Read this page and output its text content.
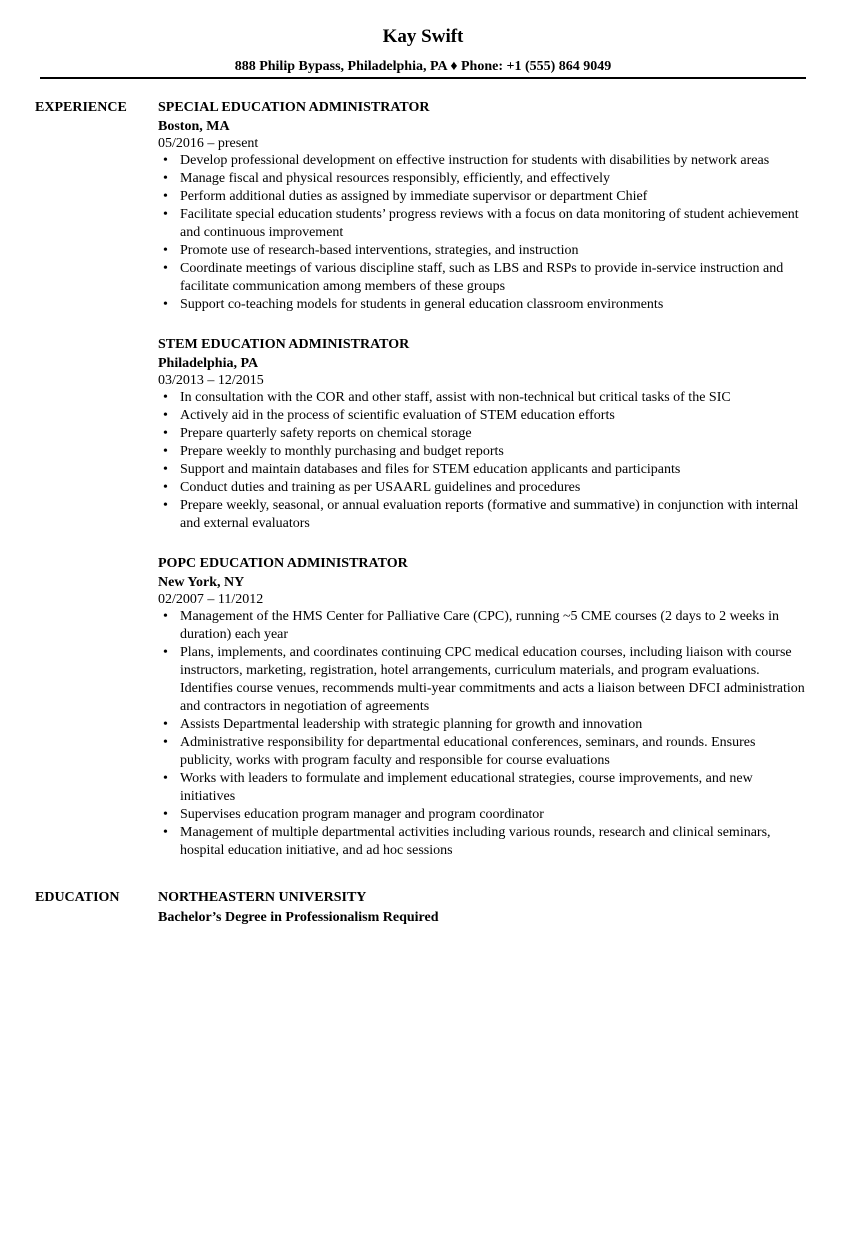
Kay Swift
888 Philip Bypass, Philadelphia, PA ♦ Phone: +1 (555) 864 9049
EXPERIENCE	SPECIAL EDUCATION ADMINISTRATOR
Boston, MA
05/2016 – present
• Develop professional development on effective instruction for students with disabilities by network areas
• Manage fiscal and physical resources responsibly, efficiently, and effectively
• Perform additional duties as assigned by immediate supervisor or department Chief
• Facilitate special education students’ progress reviews with a focus on data monitoring of student achievement and continuous improvement
• Promote use of research-based interventions, strategies, and instruction
• Coordinate meetings of various discipline staff, such as LBS and RSPs to provide in-service instruction and facilitate communication among members of these groups
• Support co-teaching models for students in general education classroom environments
STEM EDUCATION ADMINISTRATOR
Philadelphia, PA
03/2013 – 12/2015
• In consultation with the COR and other staff, assist with non-technical but critical tasks of the SIC
• Actively aid in the process of scientific evaluation of STEM education efforts
• Prepare quarterly safety reports on chemical storage
• Prepare weekly to monthly purchasing and budget reports
• Support and maintain databases and files for STEM education applicants and participants
• Conduct duties and training as per USAARL guidelines and procedures
• Prepare weekly, seasonal, or annual evaluation reports (formative and summative) in conjunction with internal and external evaluators
POPC EDUCATION ADMINISTRATOR
New York, NY
02/2007 – 11/2012
• Management of the HMS Center for Palliative Care (CPC), running ~5 CME courses (2 days to 2 weeks in duration) each year
• Plans, implements, and coordinates continuing CPC medical education courses, including liaison with course instructors, marketing, registration, hotel arrangements, curriculum materials, and program evaluations. Identifies course venues, recommends multi-year commitments and acts a liaison between DFCI administration and contractors in negotiation of agreements
• Assists Departmental leadership with strategic planning for growth and innovation
• Administrative responsibility for departmental educational conferences, seminars, and rounds. Ensures publicity, works with program faculty and responsible for course evaluations
• Works with leaders to formulate and implement educational strategies, course improvements, and new initiatives
• Supervises education program manager and program coordinator
• Management of multiple departmental activities including various rounds, research and clinical seminars, hospital education initiative, and ad hoc sessions
EDUCATION	NORTHEASTERN UNIVERSITY
Bachelor’s Degree in Professionalism Required
